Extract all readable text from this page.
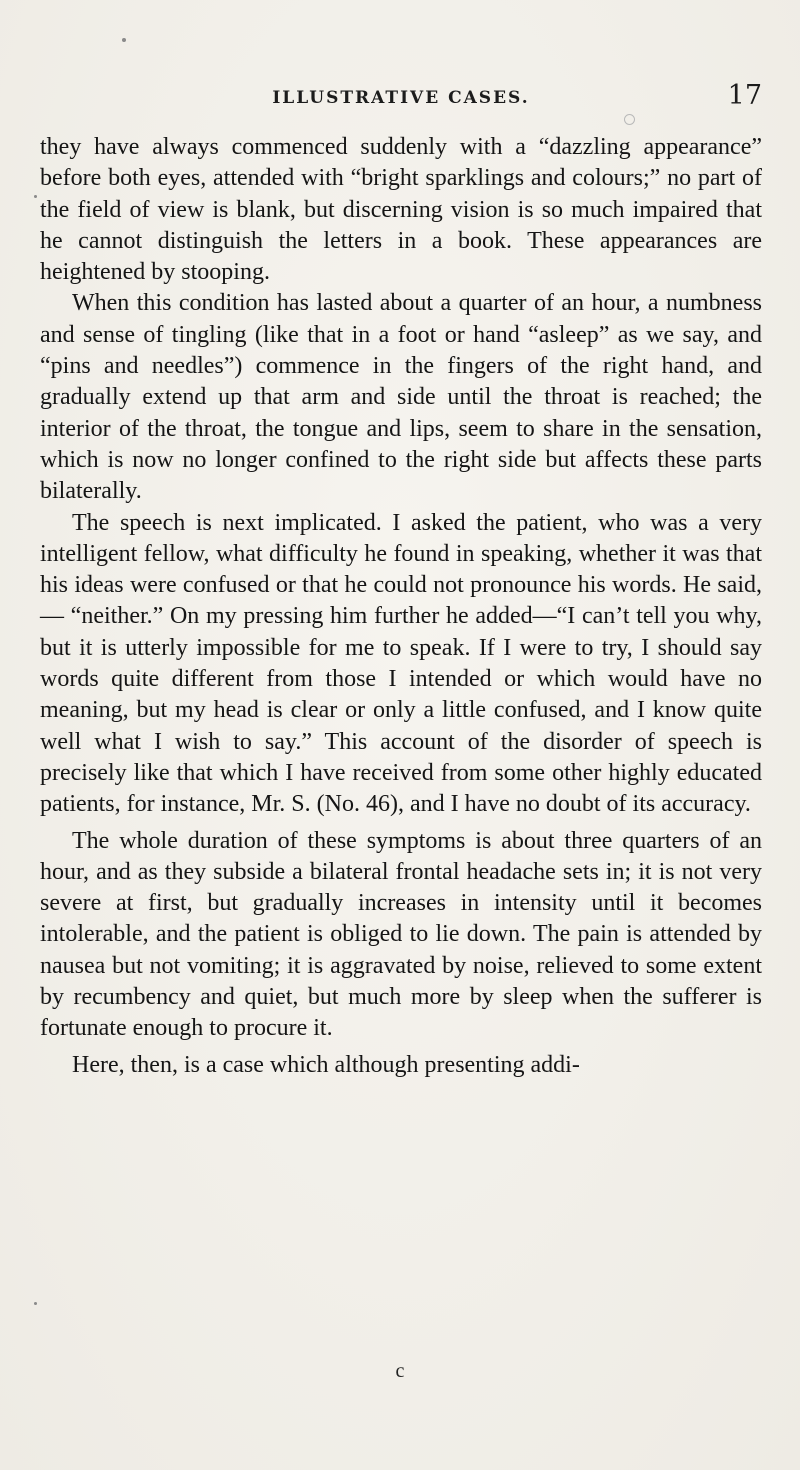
ILLUSTRATIVE CASES.	17

they have always commenced suddenly with a “dazzling appearance” before both eyes, attended with “bright sparklings and colours;” no part of the field of view is blank, but discerning vision is so much impaired that he cannot distinguish the letters in a book. These appearances are heightened by stooping.

When this condition has lasted about a quarter of an hour, a numbness and sense of tingling (like that in a foot or hand “asleep” as we say, and “pins and needles”) commence in the fingers of the right hand, and gradually extend up that arm and side until the throat is reached; the interior of the throat, the tongue and lips, seem to share in the sensation, which is now no longer confined to the right side but affects these parts bilaterally.

The speech is next implicated. I asked the patient, who was a very intelligent fellow, what difficulty he found in speaking, whether it was that his ideas were confused or that he could not pronounce his words. He said,— “neither.” On my pressing him further he added—“I can’t tell you why, but it is utterly impossible for me to speak. If I were to try, I should say words quite different from those I intended or which would have no meaning, but my head is clear or only a little confused, and I know quite well what I wish to say.” This account of the disorder of speech is precisely like that which I have received from some other highly educated patients, for instance, Mr. S. (No. 46), and I have no doubt of its accuracy.

The whole duration of these symptoms is about three quarters of an hour, and as they subside a bilateral frontal headache sets in; it is not very severe at first, but gradually increases in intensity until it becomes intolerable, and the patient is obliged to lie down. The pain is attended by nausea but not vomiting; it is aggravated by noise, relieved to some extent by recumbency and quiet, but much more by sleep when the sufferer is fortunate enough to procure it.

Here, then, is a case which although presenting addi-

c
